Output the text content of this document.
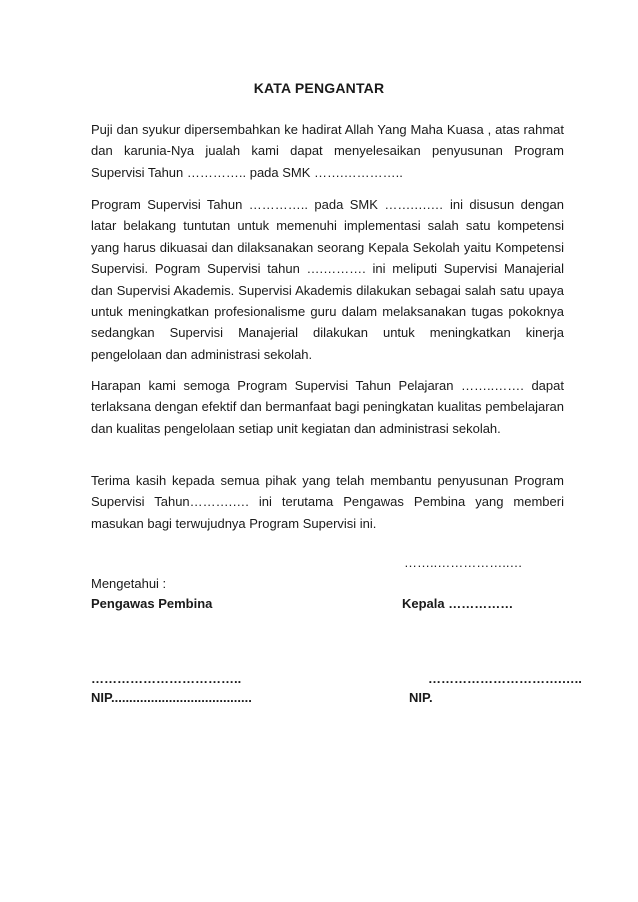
KATA PENGANTAR
Puji dan syukur dipersembahkan ke hadirat Allah Yang Maha Kuasa , atas rahmat dan karunia-Nya jualah kami dapat menyelesaikan penyusunan Program Supervisi Tahun ………….. pada SMK …….…………..
Program Supervisi Tahun ………….. pada SMK …….….… ini disusun dengan latar belakang tuntutan untuk memenuhi implementasi salah satu kompetensi yang harus dikuasai dan dilaksanakan seorang Kepala Sekolah yaitu Kompetensi Supervisi. Pogram Supervisi tahun ….………. ini meliputi Supervisi Manajerial dan Supervisi Akademis. Supervisi Akademis dilakukan sebagai salah satu upaya untuk meningkatkan profesionalisme guru dalam melaksanakan tugas pokoknya sedangkan Supervisi Manajerial dilakukan untuk meningkatkan kinerja pengelolaan dan administrasi sekolah.
Harapan kami semoga Program Supervisi Tahun Pelajaran ……..……. dapat terlaksana dengan efektif dan bermanfaat bagi peningkatan kualitas pembelajaran dan kualitas pengelolaan setiap unit kegiatan dan administrasi sekolah.
Terima kasih kepada semua pihak yang telah membantu penyusunan Program Supervisi Tahun……….…. ini terutama Pengawas Pembina yang memberi masukan bagi terwujudnya Program Supervisi ini.
……..……………..…
Mengetahui :
Pengawas Pembina	Kepala ……………
……………………………..	………………………….…..
NIP.......................................	NIP.
